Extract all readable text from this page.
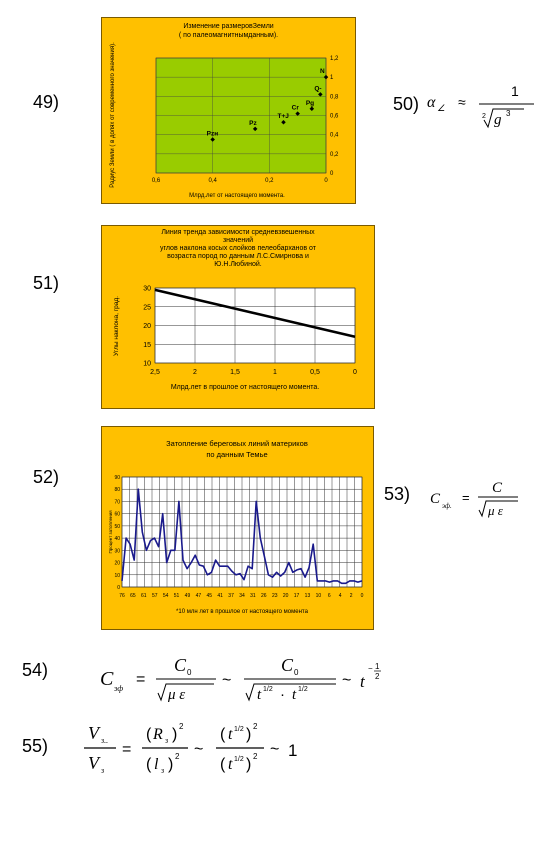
49)	50)
51)
52)
53)
54)
55)
Изменение размеровЗемли
( по палеомагнитнымданным).
0
0,2
0,4
0,6
0,8
1
1,2
0,6	0,4	0,2	0
Pzн
Pz
T+J
Cr
Pg
Q-
N
Радиус Земли ( в долях от современного значения).
Млрд.лет от настоящего момента.
α ∠ ≈
1
2 g 3
Линия тренда зависимости средневзвешенных
значений
углов наклона косых слойков пелеобарханов от
возраста пород по данным Л.С.Смирнова и
Ю.Н.Любиной.
10
15
20
25
30
2,5	2	1,5	1	0,5	0
Углы наклона, град.
Млрд.лет в прошлое от настоящего момента.
Затопление береговых линий материков
по данным Темье
0
10
20
30
40
50
60
70
80
90
76 65 61 57 54 51 49 47 45 41 37 34 31 26 23 20 17 13 10 6 4 2 0
Процент затопления
*10 млн лет в прошлое от настоящего момента
C эф.
=
C
μ ε
C эф
=
C 0
μ ε
~
C 0
t 1/2 · t 1/2
~ t
− 1
2
V з..
V з
=
( R з ) 2
( l з ) 2 ~
( t 1/2 ) 2
( t 1/2 ) 2 ~ 1
